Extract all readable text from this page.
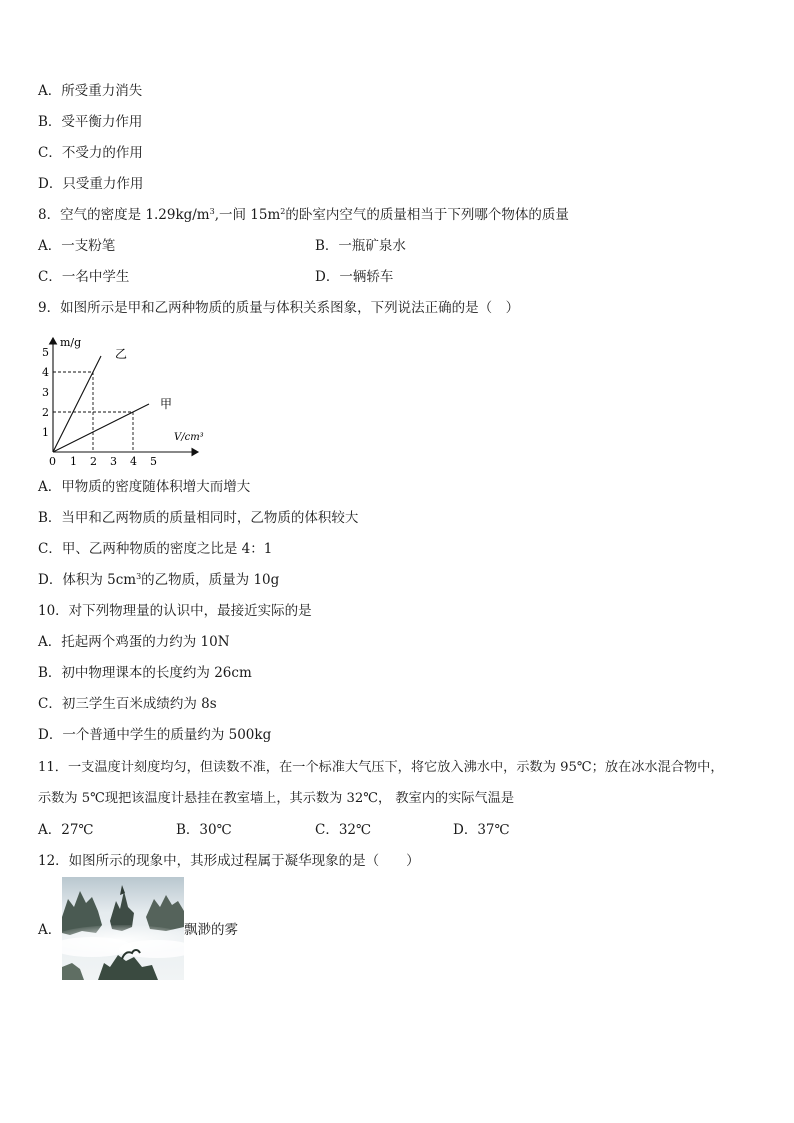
A．所受重力消失
B．受平衡力作用
C．不受力的作用
D．只受重力作用
8．空气的密度是 $1.29kg/m^3$,一间 $15m^2$的卧室内空气的质量相当于下列哪个物体的质量
A．一支粉笔	B．一瓶矿泉水
C．一名中学生	D．一辆轿车
9．如图所示是甲和乙两种物质的质量与体积关系图象，下列说法正确的是（　）
m/g
V/cm³
0 1 2 3 4 5
1
2
3
4
5	乙
甲
A．甲物质的密度随体积增大而增大
B．当甲和乙两物质的质量相同时，乙物质的体积较大
C．甲、乙两种物质的密度之比是 4：1
D．体积为 $5cm^3$的乙物质，质量为 10g
10．对下列物理量的认识中，最接近实际的是
A．托起两个鸡蛋的力约为 10N
B．初中物理课本的长度约为 26cm
C．初三学生百米成绩约为 8s
D．一个普通中学生的质量约为 500kg
11．一支温度计刻度均匀，但读数不准，在一个标准大气压下，将它放入沸水中，示数为 95℃；放在冰水混合物中，
示数为 5℃现把该温度计悬挂在教室墙上，其示数为 32℃， 教室内的实际气温是
A．27℃	B．30℃	C．32℃	D．37℃
12．如图所示的现象中，其形成过程属于凝华现象的是（　　）
A．	飘渺的雾
